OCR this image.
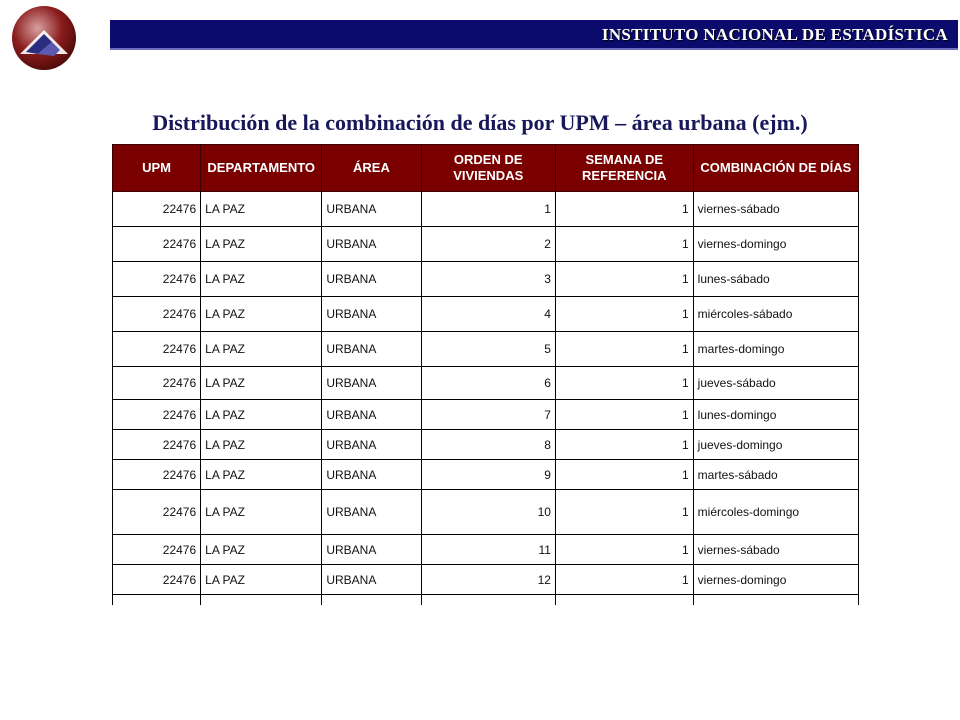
INSTITUTO NACIONAL DE ESTADÍSTICA
Distribución de la combinación de días por UPM – área urbana (ejm.)
UPM	DEPARTAMENTO	ÁREA	ORDEN DE VIVIENDAS	SEMANA DE REFERENCIA	COMBINACIÓN DE DÍAS
22476	LA PAZ	URBANA	1	1	viernes-sábado
22476	LA PAZ	URBANA	2	1	viernes-domingo
22476	LA PAZ	URBANA	3	1	lunes-sábado
22476	LA PAZ	URBANA	4	1	miércoles-sábado
22476	LA PAZ	URBANA	5	1	martes-domingo
22476	LA PAZ	URBANA	6	1	jueves-sábado
22476	LA PAZ	URBANA	7	1	lunes-domingo
22476	LA PAZ	URBANA	8	1	jueves-domingo
22476	LA PAZ	URBANA	9	1	martes-sábado
22476	LA PAZ	URBANA	10	1	miércoles-domingo
22476	LA PAZ	URBANA	11	1	viernes-sábado
22476	LA PAZ	URBANA	12	1	viernes-domingo
